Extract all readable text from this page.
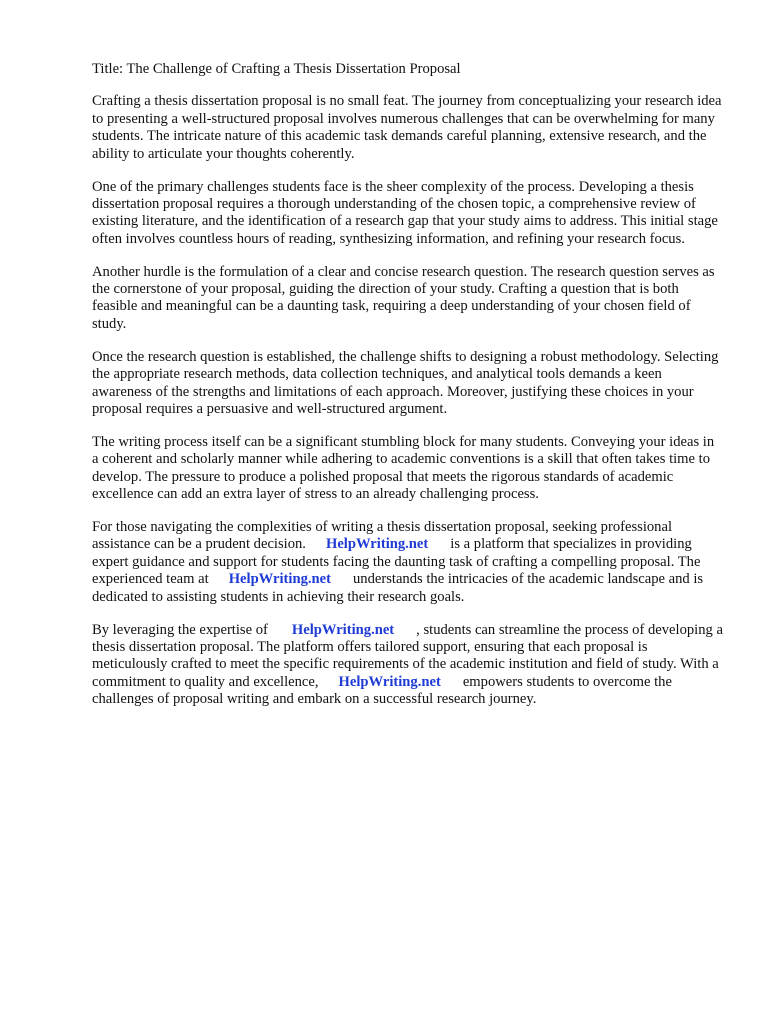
Title: The Challenge of Crafting a Thesis Dissertation Proposal

Crafting a thesis dissertation proposal is no small feat. The journey from conceptualizing your research idea to presenting a well-structured proposal involves numerous challenges that can be overwhelming for many students. The intricate nature of this academic task demands careful planning, extensive research, and the ability to articulate your thoughts coherently.

One of the primary challenges students face is the sheer complexity of the process. Developing a thesis dissertation proposal requires a thorough understanding of the chosen topic, a comprehensive review of existing literature, and the identification of a research gap that your study aims to address. This initial stage often involves countless hours of reading, synthesizing information, and refining your research focus.

Another hurdle is the formulation of a clear and concise research question. The research question serves as the cornerstone of your proposal, guiding the direction of your study. Crafting a question that is both feasible and meaningful can be a daunting task, requiring a deep understanding of your chosen field of study.

Once the research question is established, the challenge shifts to designing a robust methodology. Selecting the appropriate research methods, data collection techniques, and analytical tools demands a keen awareness of the strengths and limitations of each approach. Moreover, justifying these choices in your proposal requires a persuasive and well-structured argument.

The writing process itself can be a significant stumbling block for many students. Conveying your ideas in a coherent and scholarly manner while adhering to academic conventions is a skill that often takes time to develop. The pressure to produce a polished proposal that meets the rigorous standards of academic excellence can add an extra layer of stress to an already challenging process.

For those navigating the complexities of writing a thesis dissertation proposal, seeking professional assistance can be a prudent decision. HelpWriting.net is a platform that specializes in providing expert guidance and support for students facing the daunting task of crafting a compelling proposal. The experienced team at HelpWriting.net understands the intricacies of the academic landscape and is dedicated to assisting students in achieving their research goals.

By leveraging the expertise of HelpWriting.net , students can streamline the process of developing a thesis dissertation proposal. The platform offers tailored support, ensuring that each proposal is meticulously crafted to meet the specific requirements of the academic institution and field of study. With a commitment to quality and excellence, HelpWriting.net empowers students to overcome the challenges of proposal writing and embark on a successful research journey.
